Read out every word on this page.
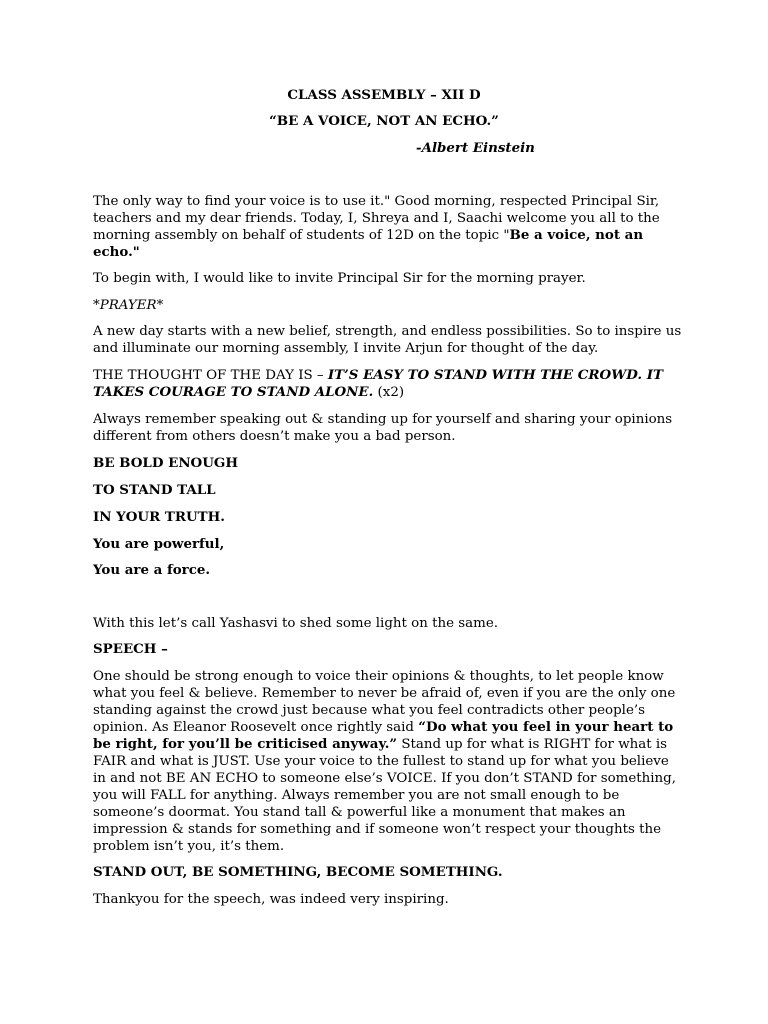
CLASS ASSEMBLY – XII D
“BE A VOICE, NOT AN ECHO.”
-Albert Einstein

The only way to find your voice is to use it." Good morning, respected Principal Sir, teachers and my dear friends. Today, I, Shreya and I, Saachi welcome you all to the morning assembly on behalf of students of 12D on the topic "Be a voice, not an echo."

To begin with, I would like to invite Principal Sir for the morning prayer.

*PRAYER*

A new day starts with a new belief, strength, and endless possibilities. So to inspire us and illuminate our morning assembly, I invite Arjun for thought of the day.

THE THOUGHT OF THE DAY IS – IT’S EASY TO STAND WITH THE CROWD. IT TAKES COURAGE TO STAND ALONE. (x2)

Always remember speaking out & standing up for yourself and sharing your opinions different from others doesn’t make you a bad person.

BE BOLD ENOUGH

TO STAND TALL

IN YOUR TRUTH.

You are powerful,

You are a force.

With this let’s call Yashasvi to shed some light on the same.

SPEECH –

One should be strong enough to voice their opinions & thoughts, to let people know what you feel & believe. Remember to never be afraid of, even if you are the only one standing against the crowd just because what you feel contradicts other people’s opinion. As Eleanor Roosevelt once rightly said “Do what you feel in your heart to be right, for you’ll be criticised anyway.” Stand up for what is RIGHT for what is FAIR and what is JUST. Use your voice to the fullest to stand up for what you believe in and not BE AN ECHO to someone else’s VOICE. If you don’t STAND for something, you will FALL for anything. Always remember you are not small enough to be someone’s doormat. You stand tall & powerful like a monument that makes an impression & stands for something and if someone won’t respect your thoughts the problem isn’t you, it’s them.

STAND OUT, BE SOMETHING, BECOME SOMETHING.

Thankyou for the speech, was indeed very inspiring.
